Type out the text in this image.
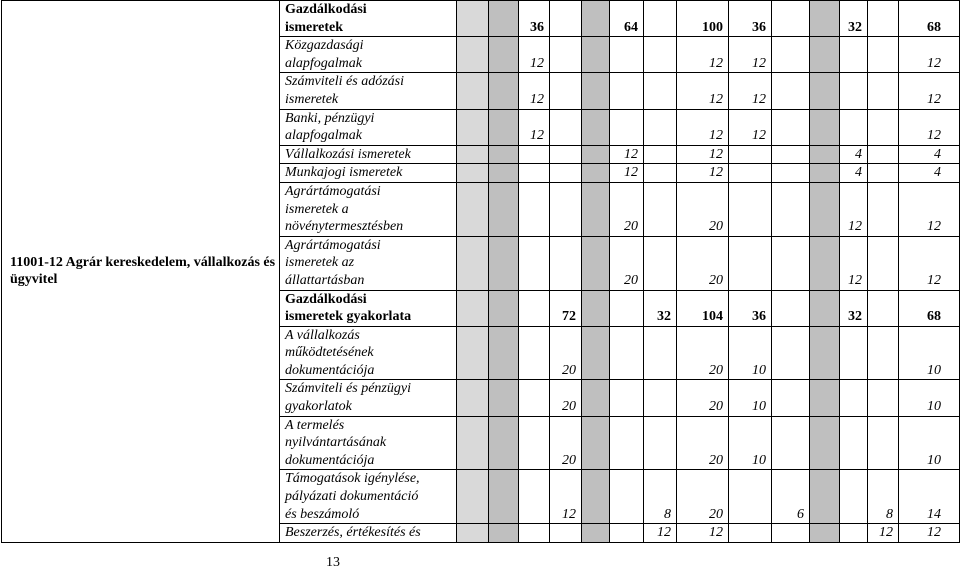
11001-12 Agrár kereskedelem, vállalkozás és
ügyvitel	Gazdálkodási
ismeretek			36			64		100	36			32		68

	Közgazdasági
alapfogalmak			12					12	12					12

	Számviteli és adózási
ismeretek			12					12	12					12

	Banki, pénzügyi
alapfogalmak			12					12	12					12

	Vállalkozási ismeretek						12		12				4		4

	Munkajogi ismeretek						12		12				4		4

	Agrártámogatási
ismeretek a
növénytermesztésben						20		20				12		12

	Agrártámogatási
ismeretek az
állattartásban						20		20				12		12

	Gazdálkodási
ismeretek gyakorlata				72			32	104	36			32		68

	A vállalkozás
működtetésének
dokumentációja				20				20	10					10

	Számviteli és pénzügyi
gyakorlatok				20				20	10					10

	A termelés
nyilvántartásának
dokumentációja				20				20	10					10

	Támogatások igénylése,
pályázati dokumentáció
és beszámoló				12			8	20		6			8	14

	Beszerzés, értékesítés és							12	12					12	12
13
